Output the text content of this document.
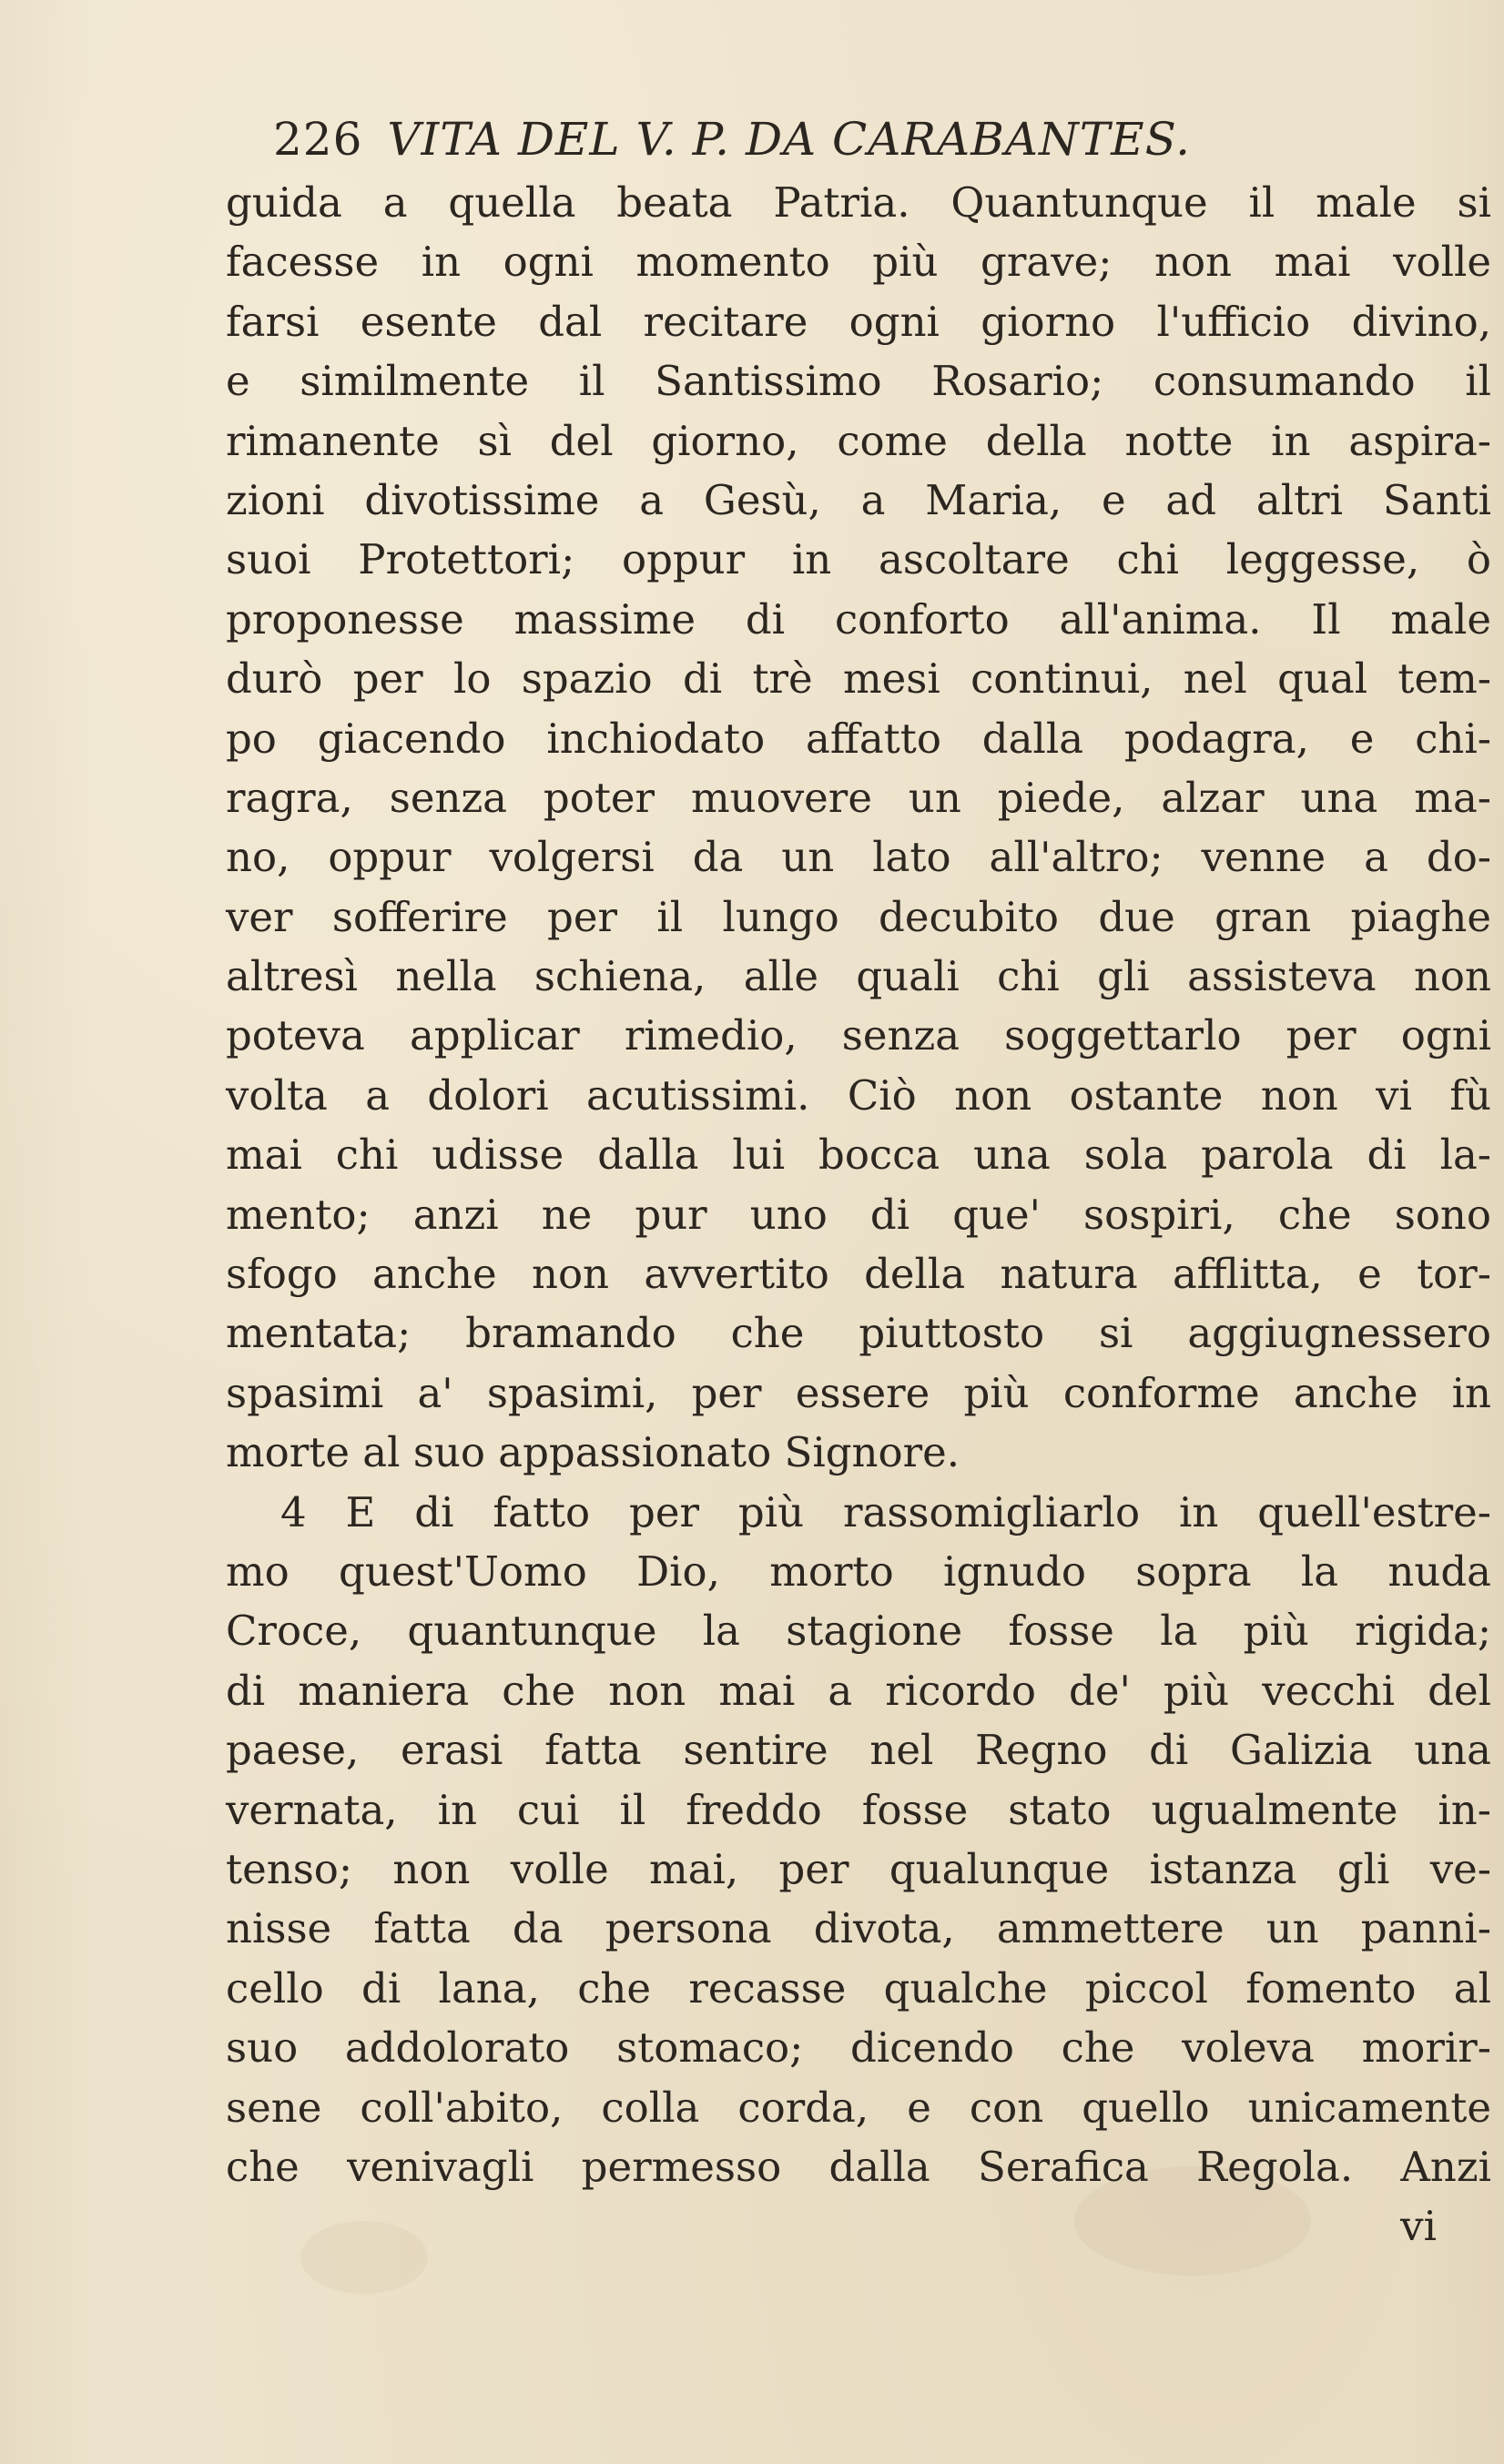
226 VITA DEL V. P. DA CARABANTES.
guida a quella beata Patria. Quantunque il male si
facesse in ogni momento più grave; non mai volle
farsi esente dal recitare ogni giorno l'ufficio divino,
e similmente il Santissimo Rosario; consumando il
rimanente sì del giorno, come della notte in aspira-
zioni divotissime a Gesù, a Maria, e ad altri Santi
suoi Protettori; oppur in ascoltare chi leggesse, ò
proponesse massime di conforto all'anima. Il male
durò per lo spazio di trè mesi continui, nel qual tem-
po giacendo inchiodato affatto dalla podagra, e chi-
ragra, senza poter muovere un piede, alzar una ma-
no, oppur volgersi da un lato all'altro; venne a do-
ver sofferire per il lungo decubito due gran piaghe
altresì nella schiena, alle quali chi gli assisteva non
poteva applicar rimedio, senza soggettarlo per ogni
volta a dolori acutissimi. Ciò non ostante non vi fù
mai chi udisse dalla lui bocca una sola parola di la-
mento; anzi ne pur uno di que' sospiri, che sono
sfogo anche non avvertito della natura afflitta, e tor-
mentata; bramando che piuttosto si aggiugnessero
spasimi a' spasimi, per essere più conforme anche in
morte al suo appassionato Signore.
4 E di fatto per più rassomigliarlo in quell'estre-
mo quest'Uomo Dio, morto ignudo sopra la nuda
Croce, quantunque la stagione fosse la più rigida;
di maniera che non mai a ricordo de' più vecchi del
paese, erasi fatta sentire nel Regno di Galizia una
vernata, in cui il freddo fosse stato ugualmente in-
tenso; non volle mai, per qualunque istanza gli ve-
nisse fatta da persona divota, ammettere un panni-
cello di lana, che recasse qualche piccol fomento al
suo addolorato stomaco; dicendo che voleva morir-
sene coll'abito, colla corda, e con quello unicamente
che venivagli permesso dalla Serafica Regola. Anzi
vi
